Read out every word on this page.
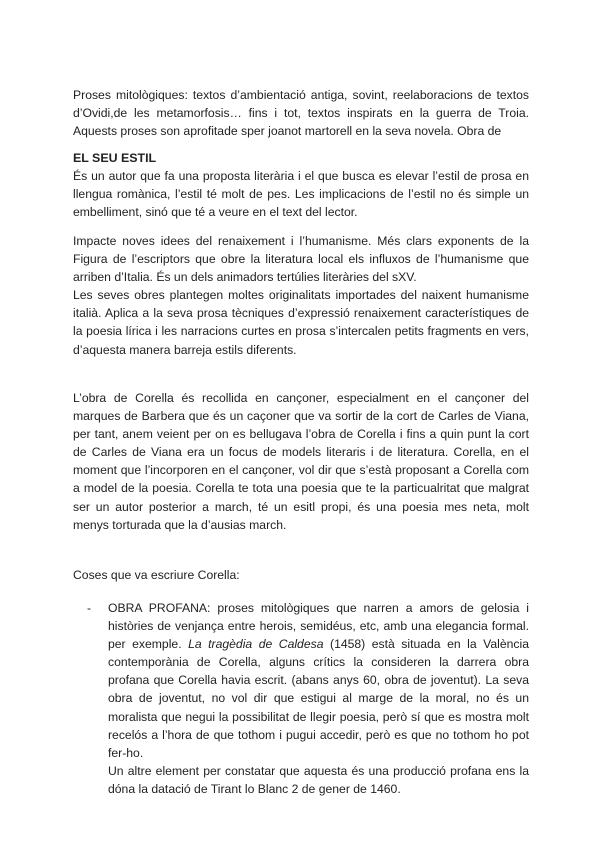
Proses mitològiques: textos d’ambientació antiga, sovint, reelaboracions de textos d’Ovidi,de les metamorfosis… fins i tot, textos inspirats en la guerra de Troia. Aquests proses son aprofitade sper joanot martorell en la seva novela. Obra de

EL SEU ESTIL

És un autor que fa una proposta literària i el que busca es elevar l’estil de prosa en llengua romànica, l’estil té molt de pes. Les implicacions de l’estil no és simple un embelliment, sinó que té a veure en el text del lector.

Impacte noves idees del renaixement i l’humanisme. Més clars exponents de la Figura de l’escriptors que obre la literatura local els influxos de l’humanisme que arriben d’Italia. És un dels animadors tertúlies literàries del sXV.

Les seves obres plantegen moltes originalitats importades del naixent humanisme italià. Aplica a la seva prosa tècniques d’expressió renaixement característiques de la poesia lírica i les narracions curtes en prosa s’intercalen petits fragments en vers, d’aquesta manera barreja estils diferents.

L’obra de Corella és recollida en cançoner, especialment en el cançoner del marques de Barbera que és un caçoner que va sortir de la cort de Carles de Viana, per tant, anem veient per on es bellugava l’obra de Corella i fins a quin punt la cort de Carles de Viana era un focus de models literaris i de literatura. Corella, en el moment que l’incorporen en el cançoner, vol dir que s’està proposant a Corella com a model de la poesia. Corella te tota una poesia que te la particualritat que malgrat ser un autor posterior a march, té un esitl propi, és una poesia mes neta, molt menys torturada que la d’ausias march.

Coses que va escriure Corella:

- OBRA PROFANA: proses mitològiques que narren a amors de gelosia i històries de venjança entre herois, semidéus, etc, amb una elegancia formal. per exemple. La tragèdia de Caldesa (1458) està situada en la València contemporània de Corella, alguns crítics la consideren la darrera obra profana que Corella havia escrit. (abans anys 60, obra de joventut). La seva obra de joventut, no vol dir que estigui al marge de la moral, no és un moralista que negui la possibilitat de llegir poesia, però sí que es mostra molt recelós a l’hora de que tothom i pugui accedir, però es que no tothom ho pot fer-ho.

Un altre element per constatar que aquesta és una producció profana ens la dóna la datació de Tirant lo Blanc 2 de gener de 1460.
